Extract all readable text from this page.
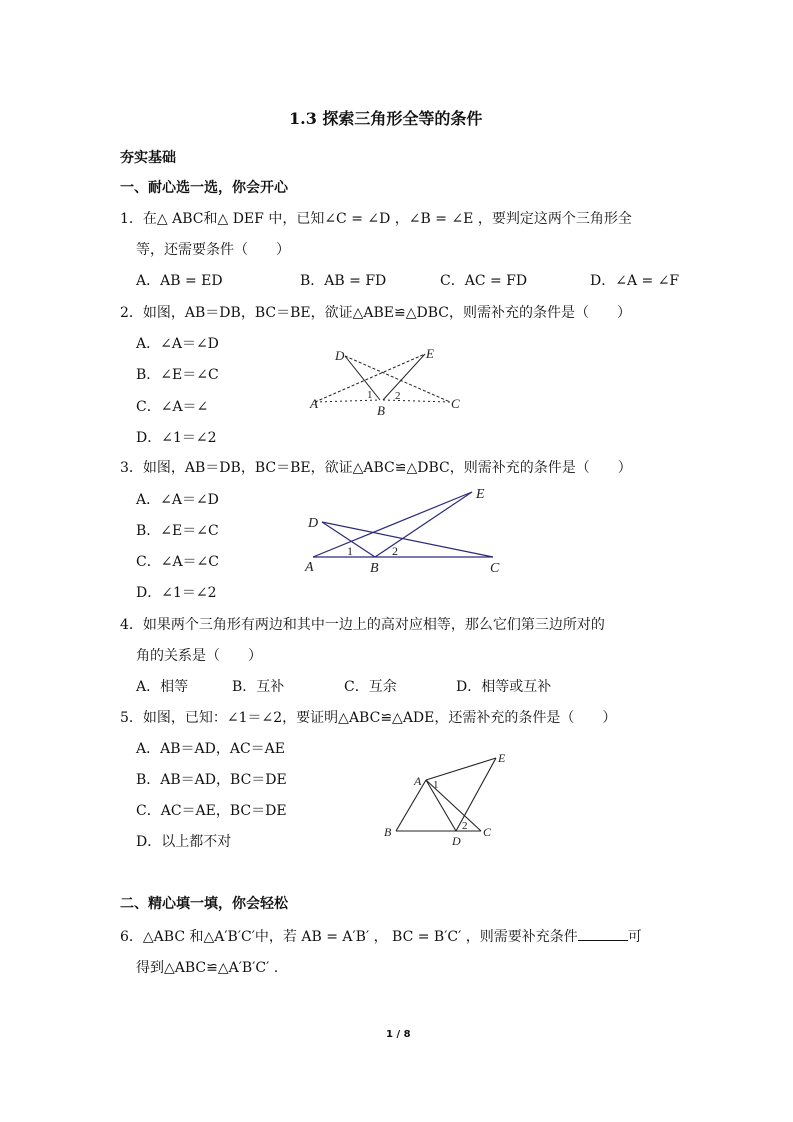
1.3 探索三角形全等的条件
夯实基础
一、耐心选一选，你会开心
1．在△ ABC和△ DEF 中，已知∠C = ∠D ，∠B = ∠E ，要判定这两个三角形全
等，还需要条件（　　）
A．AB = ED	B．AB = FD	C．AC = FD	D．∠A = ∠F
2．如图，AB＝DB，BC＝BE，欲证△ABE≌△DBC，则需补充的条件是（　　）
A．∠A＝∠D
B．∠E＝∠C
C．∠A＝∠
D．∠1＝∠2
D	E
A	B	C
1 2
3．如图，AB＝DB，BC＝BE，欲证△ABC≌△DBC，则需补充的条件是（　　）
A．∠A＝∠D
B．∠E＝∠C
C．∠A＝∠C
D．∠1＝∠2
D
E
A	B	C
1	2
4．如果两个三角形有两边和其中一边上的高对应相等，那么它们第三边所对的
角的关系是（　　）
A．相等	B．互补	C．互余	D．相等或互补
5．如图，已知：∠1＝∠2，要证明△ABC≌△ADE，还需补充的条件是（　　）
A．AB＝AD，AC＝AE
B．AB＝AD，BC＝DE
C．AC＝AE，BC＝DE
D．以上都不对
A
E
B
D
C
1
2
二、精心填一填，你会轻松
6．△ABC 和△A′B′C′中，若 AB = A′B′ ， BC = B′C′ ，则需要补充条件	可
得到△ABC≌△A′B′C′ .
1 / 8
